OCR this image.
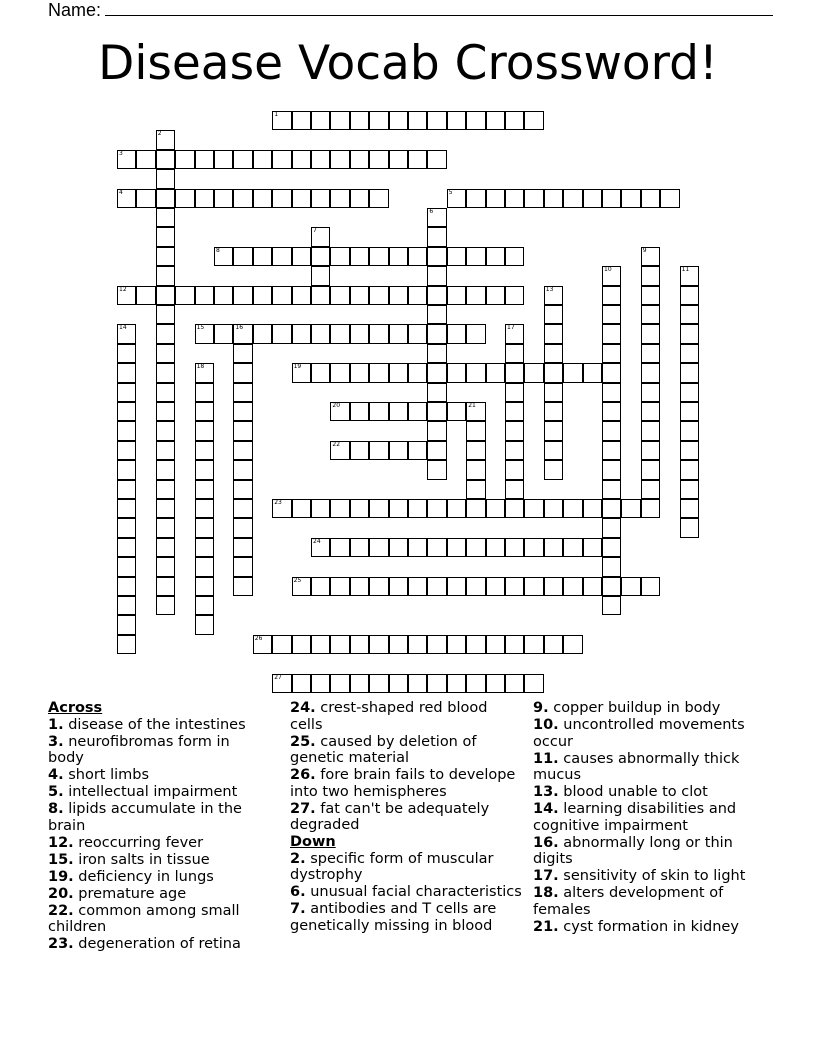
Name:
Disease Vocab Crossword!
1
2
3
4	5
6
7
8	9
10	11
12	13
14	15	16	17
18	19
20	21
22
23
24
25
26
27

Across

1. disease of the intestines

3. neurofibromas form in body

4. short limbs

5. intellectual impairment

8. lipids accumulate in the brain

12. reoccurring fever

15. iron salts in tissue

19. deficiency in lungs

20. premature age

22. common among small children

23. degeneration of retina

24. crest-shaped red blood cells

25. caused by deletion of genetic material

26. fore brain fails to develope into two hemispheres

27. fat can't be adequately degraded

Down

2. specific form of muscular dystrophy

6. unusual facial characteristics

7. antibodies and T cells are genetically missing in blood

9. copper buildup in body

10. uncontrolled movements occur

11. causes abnormally thick mucus

13. blood unable to clot

14. learning disabilities and cognitive impairment

16. abnormally long or thin digits

17. sensitivity of skin to light

18. alters development of females

21. cyst formation in kidney
